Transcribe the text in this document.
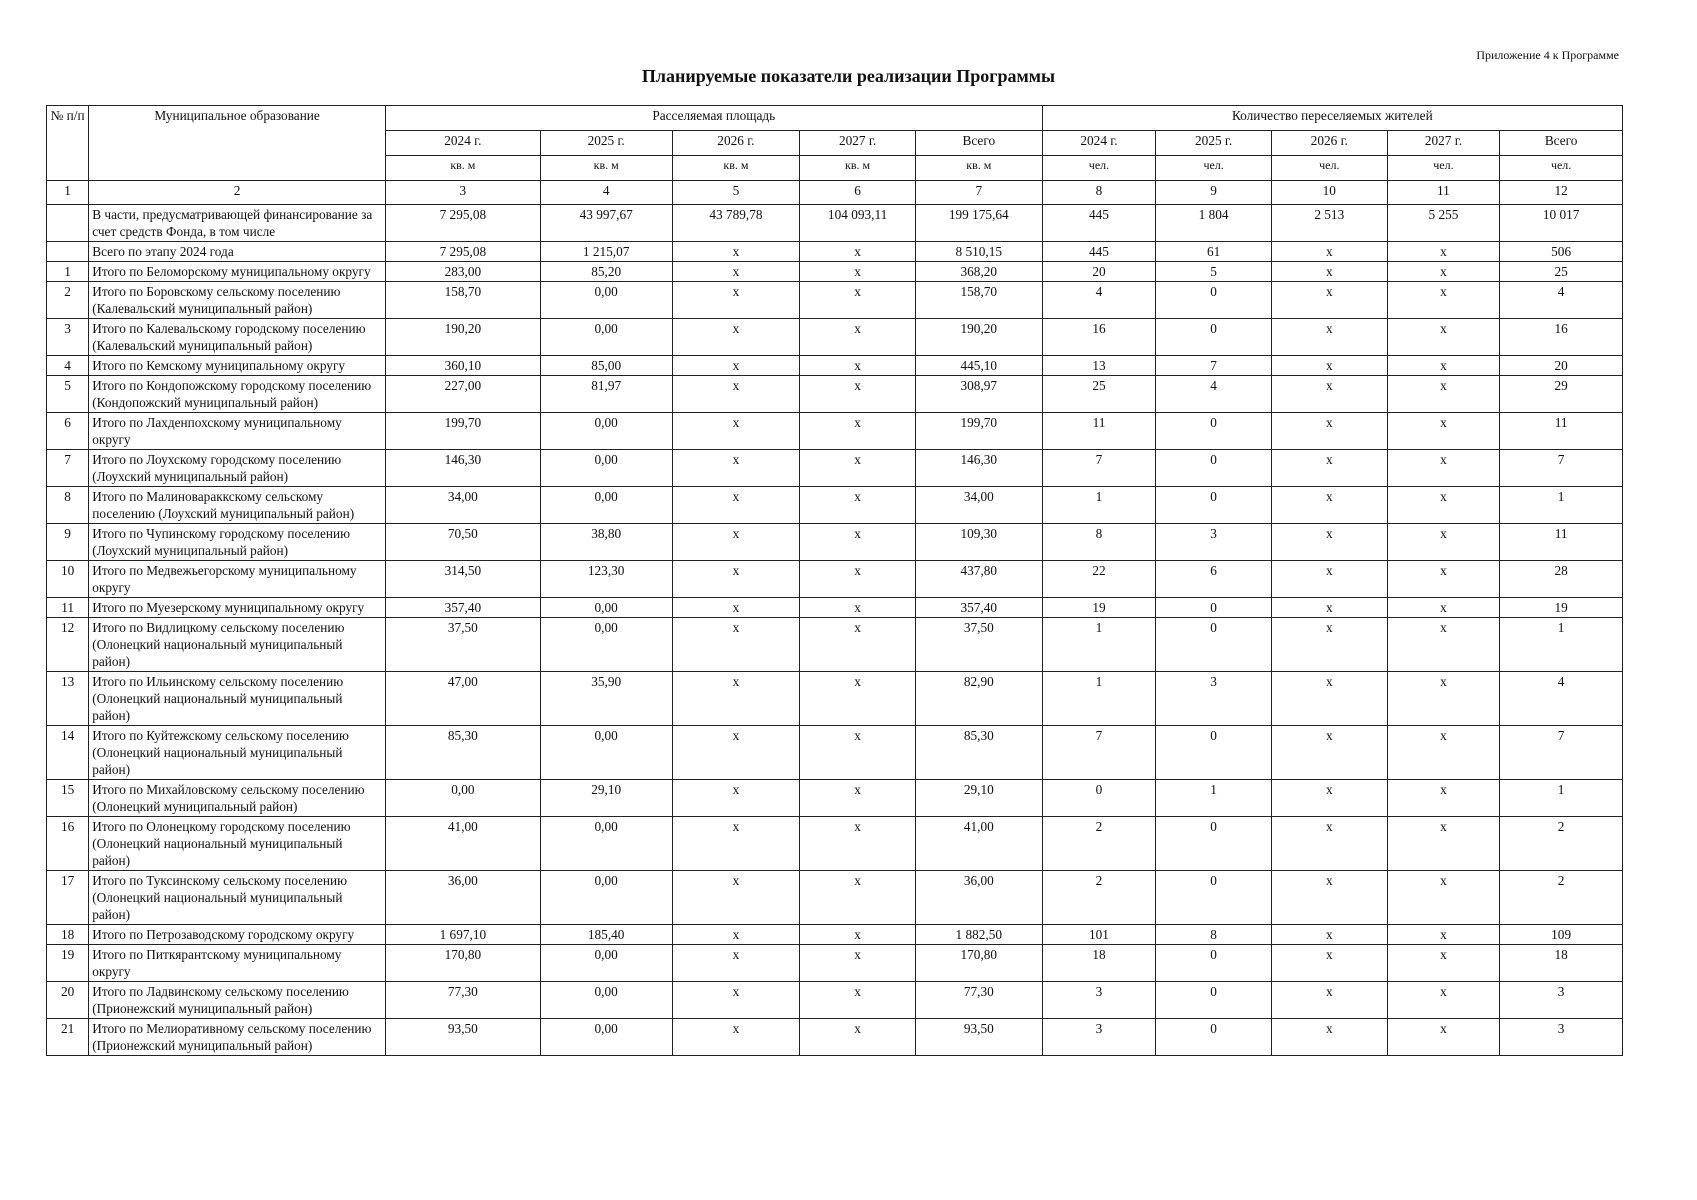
Приложение 4 к Программе
Планируемые показатели реализации Программы
№ п/п	Муниципальное образование	Расселяемая площадь					Количество переселяемых жителей				
		2024 г.	2025 г.	2026 г.	2027 г.	Всего	2024 г.	2025 г.	2026 г.	2027 г.	Всего
		кв. м	кв. м	кв. м	кв. м	кв. м	чел.	чел.	чел.	чел.	чел.
1	2	3	4	5	6	7	8	9	10	11	12
	В части, предусматривающей финансирование за счет средств Фонда, в том числе	7 295,08	43 997,67	43 789,78	104 093,11	199 175,64	445	1 804	2 513	5 255	10 017
	Всего по этапу 2024 года	7 295,08	1 215,07	х	х	8 510,15	445	61	х	х	506
1	Итого по Беломорскому муниципальному округу	283,00	85,20	х	х	368,20	20	5	х	х	25
2	Итого по Боровскому сельскому поселению (Калевальский муниципальный район)	158,70	0,00	х	х	158,70	4	0	х	х	4
3	Итого по Калевальскому городскому поселению (Калевальский муниципальный район)	190,20	0,00	х	х	190,20	16	0	х	х	16
4	Итого по Кемскому муниципальному округу	360,10	85,00	х	х	445,10	13	7	х	х	20
5	Итого по Кондопожскому городскому поселению (Кондопожский муниципальный район)	227,00	81,97	х	х	308,97	25	4	х	х	29
6	Итого по Лахденпохскому муниципальному округу	199,70	0,00	х	х	199,70	11	0	х	х	11
7	Итого по Лоухскому городскому поселению (Лоухский муниципальный район)	146,30	0,00	х	х	146,30	7	0	х	х	7
8	Итого по Малиновараккскому сельскому поселению (Лоухский муниципальный район)	34,00	0,00	х	х	34,00	1	0	х	х	1
9	Итого по Чупинскому городскому поселению (Лоухский муниципальный район)	70,50	38,80	х	х	109,30	8	3	х	х	11
10	Итого по Медвежьегорскому муниципальному округу	314,50	123,30	х	х	437,80	22	6	х	х	28
11	Итого по Муезерскому муниципальному округу	357,40	0,00	х	х	357,40	19	0	х	х	19
12	Итого по Видлицкому сельскому поселению (Олонецкий национальный муниципальный район)	37,50	0,00	х	х	37,50	1	0	х	х	1
13	Итого по Ильинскому сельскому поселению (Олонецкий национальный муниципальный район)	47,00	35,90	х	х	82,90	1	3	х	х	4
14	Итого по Куйтежскому сельскому поселению (Олонецкий национальный муниципальный район)	85,30	0,00	х	х	85,30	7	0	х	х	7
15	Итого по Михайловскому сельскому поселению (Олонецкий муниципальный район)	0,00	29,10	х	х	29,10	0	1	х	х	1
16	Итого по Олонецкому городскому поселению (Олонецкий национальный муниципальный район)	41,00	0,00	х	х	41,00	2	0	х	х	2
17	Итого по Туксинскому сельскому поселению (Олонецкий национальный муниципальный район)	36,00	0,00	х	х	36,00	2	0	х	х	2
18	Итого по Петрозаводскому городскому округу	1 697,10	185,40	х	х	1 882,50	101	8	х	х	109
19	Итого по Питкярантскому муниципальному округу	170,80	0,00	х	х	170,80	18	0	х	х	18
20	Итого по Ладвинскому сельскому поселению (Прионежский муниципальный район)	77,30	0,00	х	х	77,30	3	0	х	х	3
21	Итого по Мелиоративному сельскому поселению (Прионежский муниципальный район)	93,50	0,00	х	х	93,50	3	0	х	х	3
